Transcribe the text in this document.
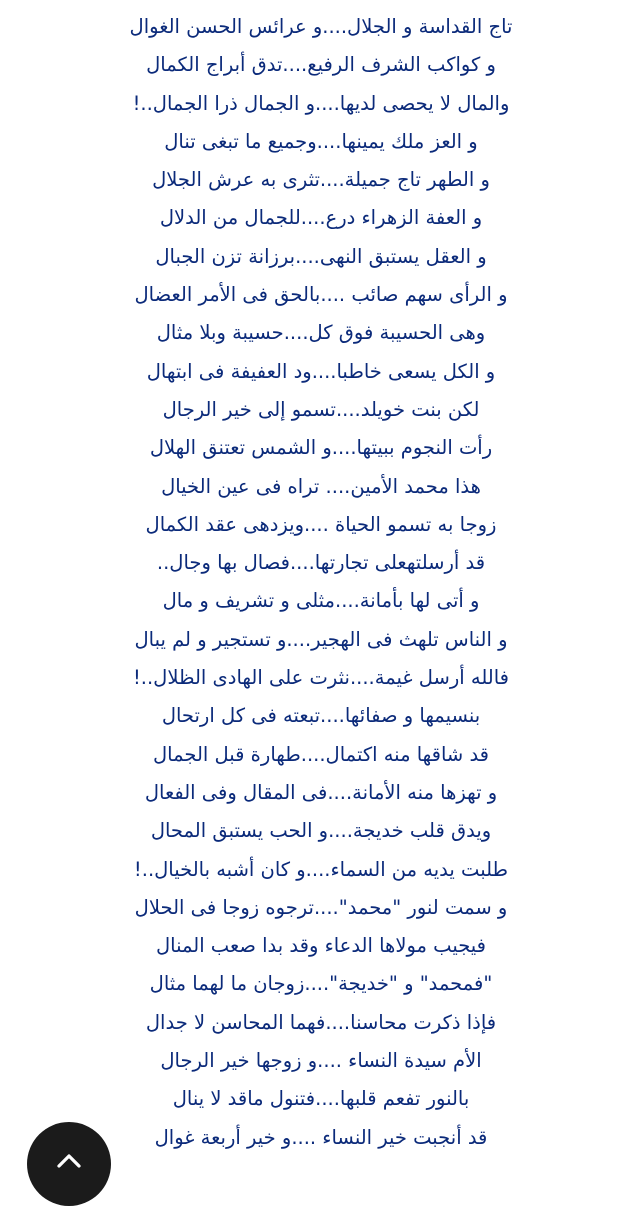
تاج القداسة و الجلال....و عرائس الحسن الغوال
و كواكب الشرف الرفيع....تدق أبراج الكمال
والمال لا يحصى لديها....و الجمال ذرا الجمال..!
و العز ملك يمينها....وجميع ما تبغى تنال
و الطهر تاج جميلة....تثرى به عرش الجلال
و العفة الزهراء درع....للجمال من الدلال
و العقل يستبق النهى....برزانة تزن الجبال
و الرأى سهم صائب ....بالحق فى الأمر العضال
وهى الحسيبة فوق كل....حسيبة وبلا مثال
و الكل يسعى خاطبا....ود العفيفة فى ابتهال
لكن بنت خويلد....تسمو إلى خير الرجال
رأت النجوم ببيتها....و الشمس تعتنق الهلال
هذا محمد الأمين.... تراه فى عين الخيال
زوجا به تسمو الحياة ....ويزدهى عقد الكمال
قد أرسلتهعلى تجارتها....فصال بها وجال..
و أتى لها بأمانة....مثلى و تشريف و مال
و الناس تلهث فى الهجير....و تستجير و لم يبال
فالله أرسل غيمة....نثرت على الهادى الظلال..!
بنسيمها و صفائها....تبعته فى كل ارتحال
قد شاقها منه اكتمال....طهارة قبل الجمال
و تهزها منه الأمانة....فى المقال وفى الفعال
ويدق قلب خديجة....و الحب يستبق المحال
طلبت يديه من السماء....و كان أشبه بالخيال..!
و سمت لنور "محمد"....ترجوه زوجا فى الحلال
فيجيب مولاها الدعاء وقد بدا صعب المنال
"فمحمد" و "خديجة"....زوجان ما لهما مثال
فإذا ذكرت محاسنا....فهما المحاسن لا جدال
الأم سيدة النساء ....و زوجها خير الرجال
بالنور تفعم قلبها....فتنول ماقد لا ينال
قد أنجبت خير النساء ....و خير أربعة غوال
